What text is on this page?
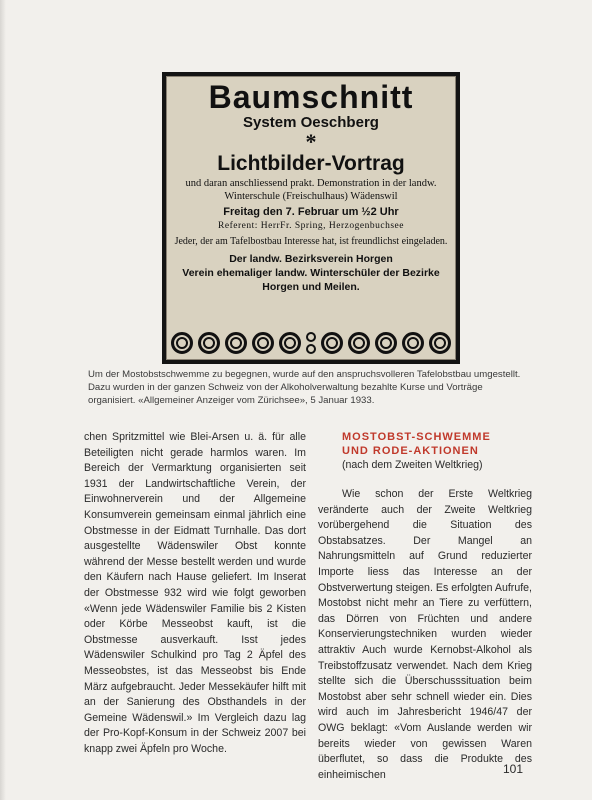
Baumschnitt
System Oeschberg
*
Lichtbilder-Vortrag
und daran anschliessend prakt. Demonstration in der landw. Winterschule (Freischulhaus) Wädenswil
Freitag den 7. Februar um ½2 Uhr
Referent: HerrFr. Spring, Herzogenbuchsee
Jeder, der am Tafelbostbau Interesse hat, ist freundlichst eingeladen.
Der landw. Bezirksverein Horgen
Verein ehemaliger landw. Winterschüler der Bezirke Horgen und Meilen.
Um der Mostobstschwemme zu begegnen, wurde auf den anspruchsvolleren Tafelobstbau umgestellt. Dazu wurden in der ganzen Schweiz von der Alkoholverwaltung bezahlte Kurse und Vorträge organisiert. «Allgemeiner Anzeiger vom Zürichsee», 5 Januar 1933.

chen Spritzmittel wie Blei-Arsen u. ä. für alle Beteiligten nicht gerade harmlos waren. Im Bereich der Vermarktung organisierten seit 1931 der Landwirtschaftliche Verein, der Einwohnerverein und der Allgemeine Konsumverein gemeinsam einmal jährlich eine Obstmesse in der Eidmatt Turnhalle. Das dort ausgestellte Wädenswiler Obst konnte während der Messe bestellt werden und wurde den Käufern nach Hause geliefert. Im Inserat der Obstmesse 932 wird wie folgt geworben «Wenn jede Wädenswiler Familie bis 2 Kisten oder Körbe Messeobst kauft, ist die Obstmesse ausverkauft. Isst jedes Wädenswiler Schulkind pro Tag 2 Äpfel des Messeobstes, ist das Messeobst bis Ende März aufgebraucht. Jeder Messekäufer hilft mit an der Sanierung des Obsthandels in der Gemeine Wädenswil.» Im Vergleich dazu lag der Pro-Kopf-Konsum in der Schweiz 2007 bei knapp zwei Äpfeln pro Woche.

MOSTOBST-SCHWEMME
UND RODE-AKTIONEN
(nach dem Zweiten Weltkrieg)

Wie schon der Erste Weltkrieg veränderte auch der Zweite Weltkrieg vorübergehend die Situation des Obstabsatzes. Der Mangel an Nahrungsmitteln auf Grund reduzierter Importe liess das Interesse an der Obstverwertung steigen. Es erfolgten Aufrufe, Mostobst nicht mehr an Tiere zu verfüttern, das Dörren von Früchten und andere Konservierungstechniken wurden wieder attraktiv Auch wurde Kernobst-Alkohol als Treibstoffzusatz verwendet. Nach dem Krieg stellte sich die Überschusssituation beim Mostobst aber sehr schnell wieder ein. Dies wird auch im Jahresbericht 1946/47 der OWG beklagt: «Vom Auslande werden wir bereits wieder von gewissen Waren überflutet, so dass die Produkte des einheimischen	101
